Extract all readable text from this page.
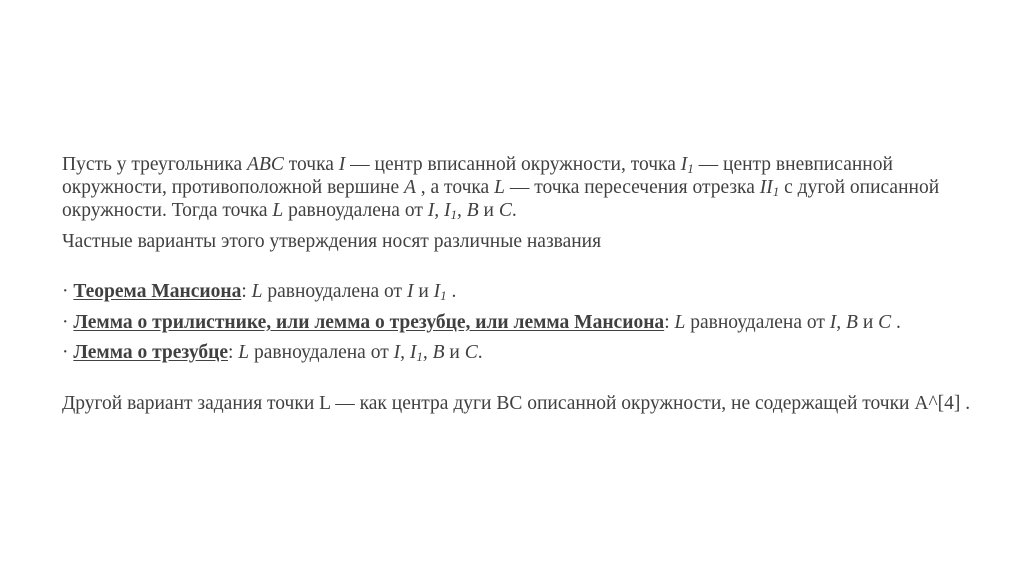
Пусть у треугольника ABC точка I — центр вписанной окружности, точка I1 — центр вневписанной окружности, противоположной вершине A , а точка L — точка пересечения отрезка II1 с дугой описанной окружности. Тогда точка L равноудалена от I, I1, B и C.

Частные варианты этого утверждения носят различные названия

· Теорема Мансиона: L равноудалена от I и I1 .

· Лемма о трилистнике, или лемма о трезубце, или лемма Мансиона: L равноудалена от I, B и C .

· Лемма о трезубце: L равноудалена от I, I1, B и C.

Другой вариант задания точки L — как центра дуги BC описанной окружности, не содержащей точки A^[4] .
